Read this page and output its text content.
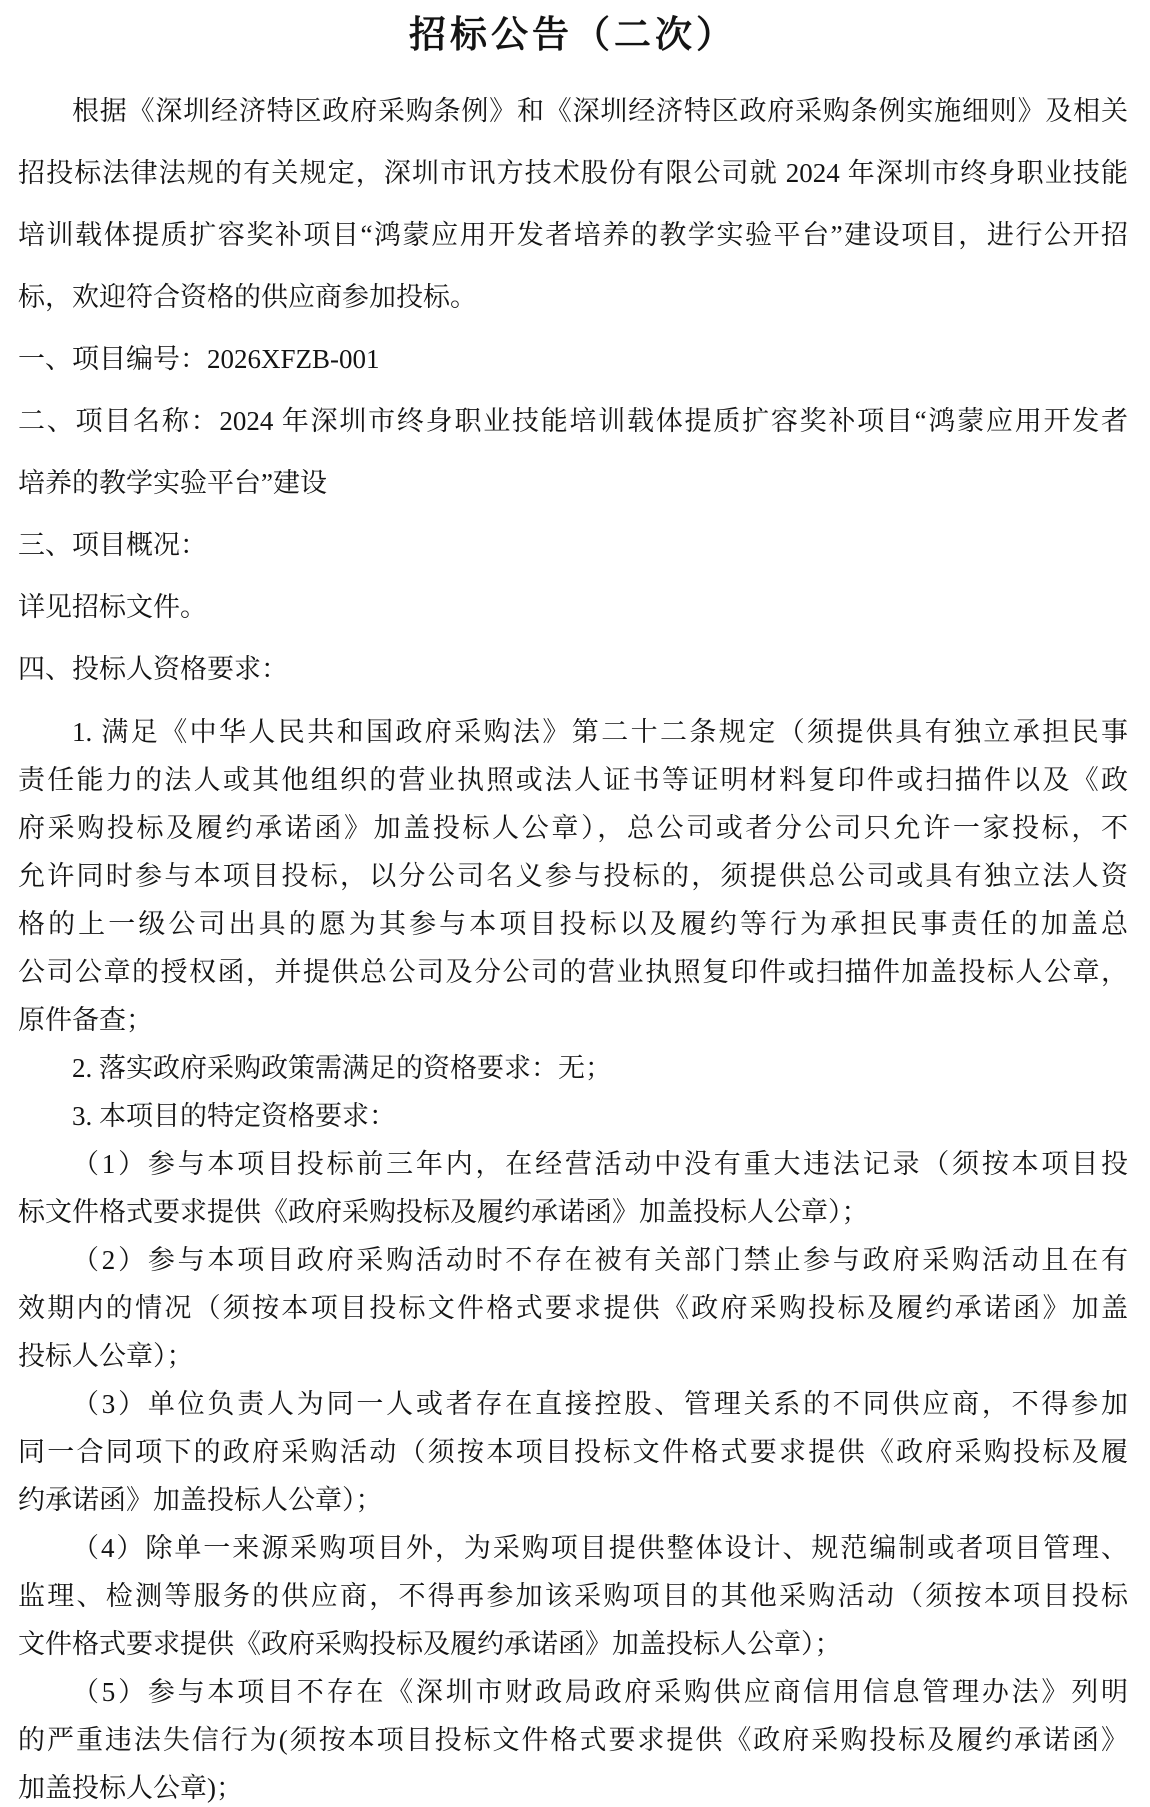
招标公告（二次）
根据《深圳经济特区政府采购条例》和《深圳经济特区政府采购条例实施细则》及相关
招投标法律法规的有关规定，深圳市讯方技术股份有限公司就 2024 年深圳市终身职业技能
培训载体提质扩容奖补项目“鸿蒙应用开发者培养的教学实验平台”建设项目，进行公开招
标，欢迎符合资格的供应商参加投标。
一、项目编号：2026XFZB-001
二、项目名称：2024 年深圳市终身职业技能培训载体提质扩容奖补项目“鸿蒙应用开发者
培养的教学实验平台”建设
三、项目概况：
详见招标文件。
四、投标人资格要求：
1. 满足《中华人民共和国政府采购法》第二十二条规定（须提供具有独立承担民事
责任能力的法人或其他组织的营业执照或法人证书等证明材料复印件或扫描件以及《政
府采购投标及履约承诺函》加盖投标人公章），总公司或者分公司只允许一家投标，不
允许同时参与本项目投标，以分公司名义参与投标的，须提供总公司或具有独立法人资
格的上一级公司出具的愿为其参与本项目投标以及履约等行为承担民事责任的加盖总
公司公章的授权函，并提供总公司及分公司的营业执照复印件或扫描件加盖投标人公章，
原件备查；
2. 落实政府采购政策需满足的资格要求：无；
3. 本项目的特定资格要求：
（1）参与本项目投标前三年内，在经营活动中没有重大违法记录（须按本项目投
标文件格式要求提供《政府采购投标及履约承诺函》加盖投标人公章）；
（2）参与本项目政府采购活动时不存在被有关部门禁止参与政府采购活动且在有
效期内的情况（须按本项目投标文件格式要求提供《政府采购投标及履约承诺函》加盖
投标人公章）；
（3）单位负责人为同一人或者存在直接控股、管理关系的不同供应商，不得参加
同一合同项下的政府采购活动（须按本项目投标文件格式要求提供《政府采购投标及履
约承诺函》加盖投标人公章）；
（4）除单一来源采购项目外，为采购项目提供整体设计、规范编制或者项目管理、
监理、检测等服务的供应商，不得再参加该采购项目的其他采购活动（须按本项目投标
文件格式要求提供《政府采购投标及履约承诺函》加盖投标人公章）；
（5）参与本项目不存在《深圳市财政局政府采购供应商信用信息管理办法》列明
的严重违法失信行为(须按本项目投标文件格式要求提供《政府采购投标及履约承诺函》
加盖投标人公章)；
